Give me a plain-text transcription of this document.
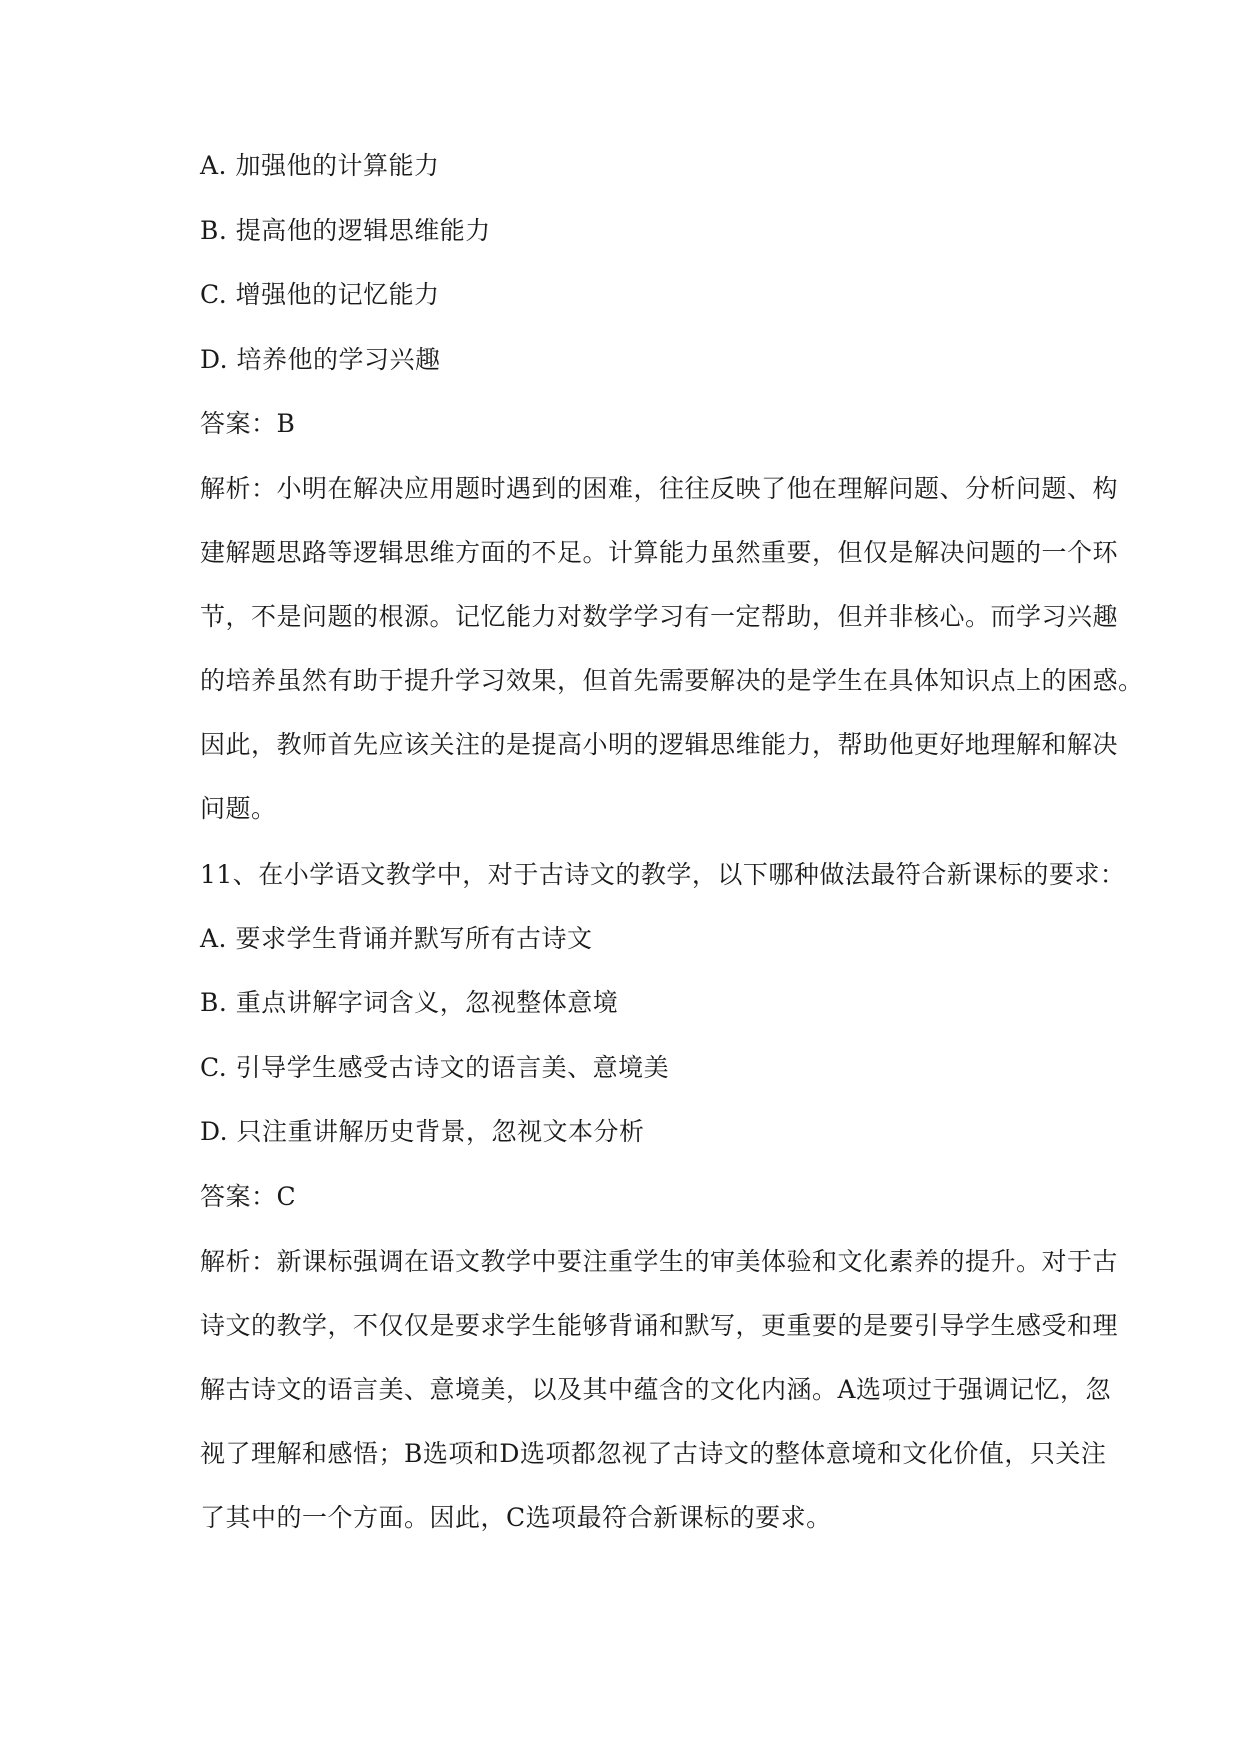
A. 加强他的计算能力
B. 提高他的逻辑思维能力
C. 增强他的记忆能力
D. 培养他的学习兴趣
答案：B
解析：小明在解决应用题时遇到的困难，往往反映了他在理解问题、分析问题、构
建解题思路等逻辑思维方面的不足。计算能力虽然重要，但仅是解决问题的一个环
节，不是问题的根源。记忆能力对数学学习有一定帮助，但并非核心。而学习兴趣
的培养虽然有助于提升学习效果，但首先需要解决的是学生在具体知识点上的困惑。
因此，教师首先应该关注的是提高小明的逻辑思维能力，帮助他更好地理解和解决
问题。
11、在小学语文教学中，对于古诗文的教学，以下哪种做法最符合新课标的要求：
A. 要求学生背诵并默写所有古诗文
B. 重点讲解字词含义，忽视整体意境
C. 引导学生感受古诗文的语言美、意境美
D. 只注重讲解历史背景，忽视文本分析
答案：C
解析：新课标强调在语文教学中要注重学生的审美体验和文化素养的提升。对于古
诗文的教学，不仅仅是要求学生能够背诵和默写，更重要的是要引导学生感受和理
解古诗文的语言美、意境美，以及其中蕴含的文化内涵。A选项过于强调记忆，忽
视了理解和感悟；B选项和D选项都忽视了古诗文的整体意境和文化价值，只关注
了其中的一个方面。因此，C选项最符合新课标的要求。
